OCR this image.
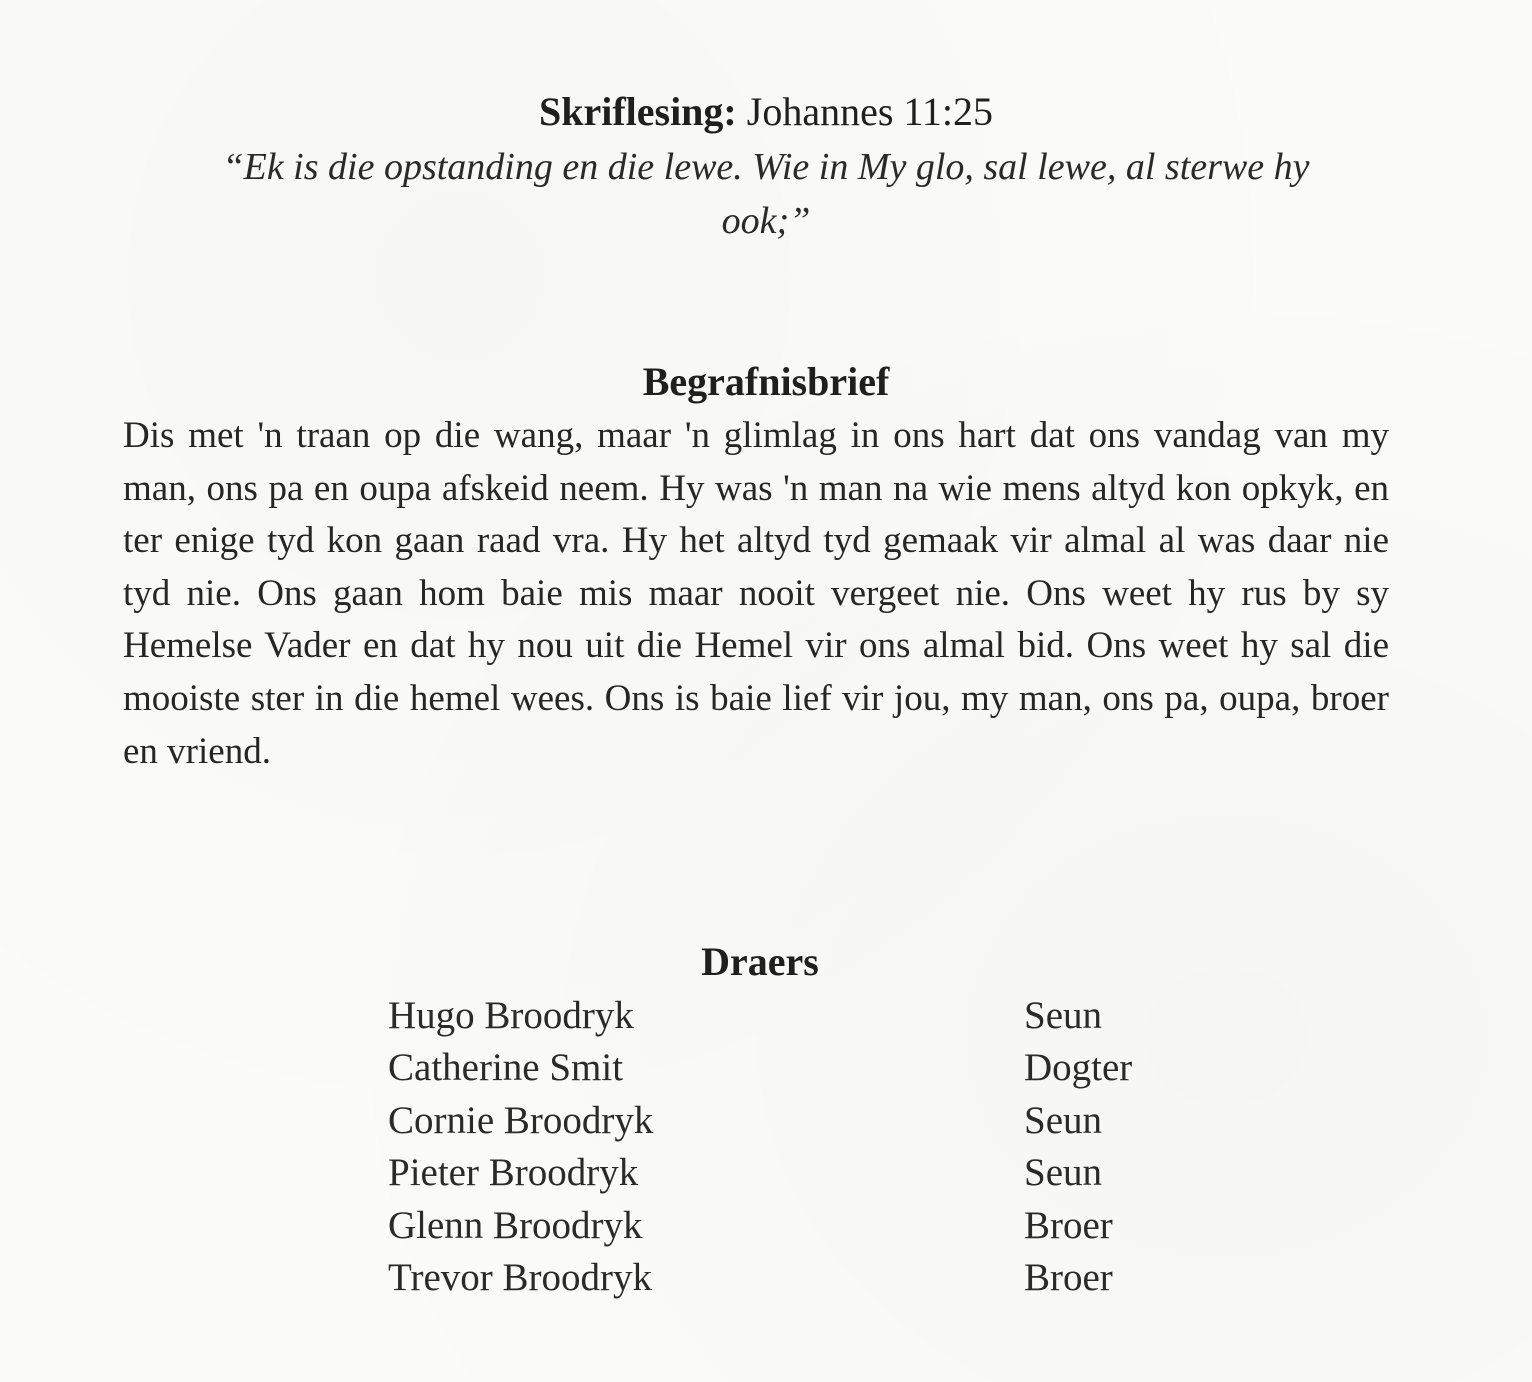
Skriflesing: Johannes 11:25
“Ek is die opstanding en die lewe. Wie in My glo, sal lewe, al sterwe hy ook;”
Begrafnisbrief

Dis met 'n traan op die wang, maar 'n glimlag in ons hart dat ons vandag van my man, ons pa en oupa afskeid neem. Hy was 'n man na wie mens altyd kon opkyk, en ter enige tyd kon gaan raad vra. Hy het altyd tyd gemaak vir almal al was daar nie tyd nie. Ons gaan hom baie mis maar nooit vergeet nie. Ons weet hy rus by sy Hemelse Vader en dat hy nou uit die Hemel vir ons almal bid. Ons weet hy sal die mooiste ster in die hemel wees. Ons is baie lief vir jou, my man, ons pa, oupa, broer en vriend.

Draers
Hugo Broodryk	Seun
Catherine Smit	Dogter
Cornie Broodryk	Seun
Pieter Broodryk	Seun
Glenn Broodryk	Broer
Trevor Broodryk	Broer
